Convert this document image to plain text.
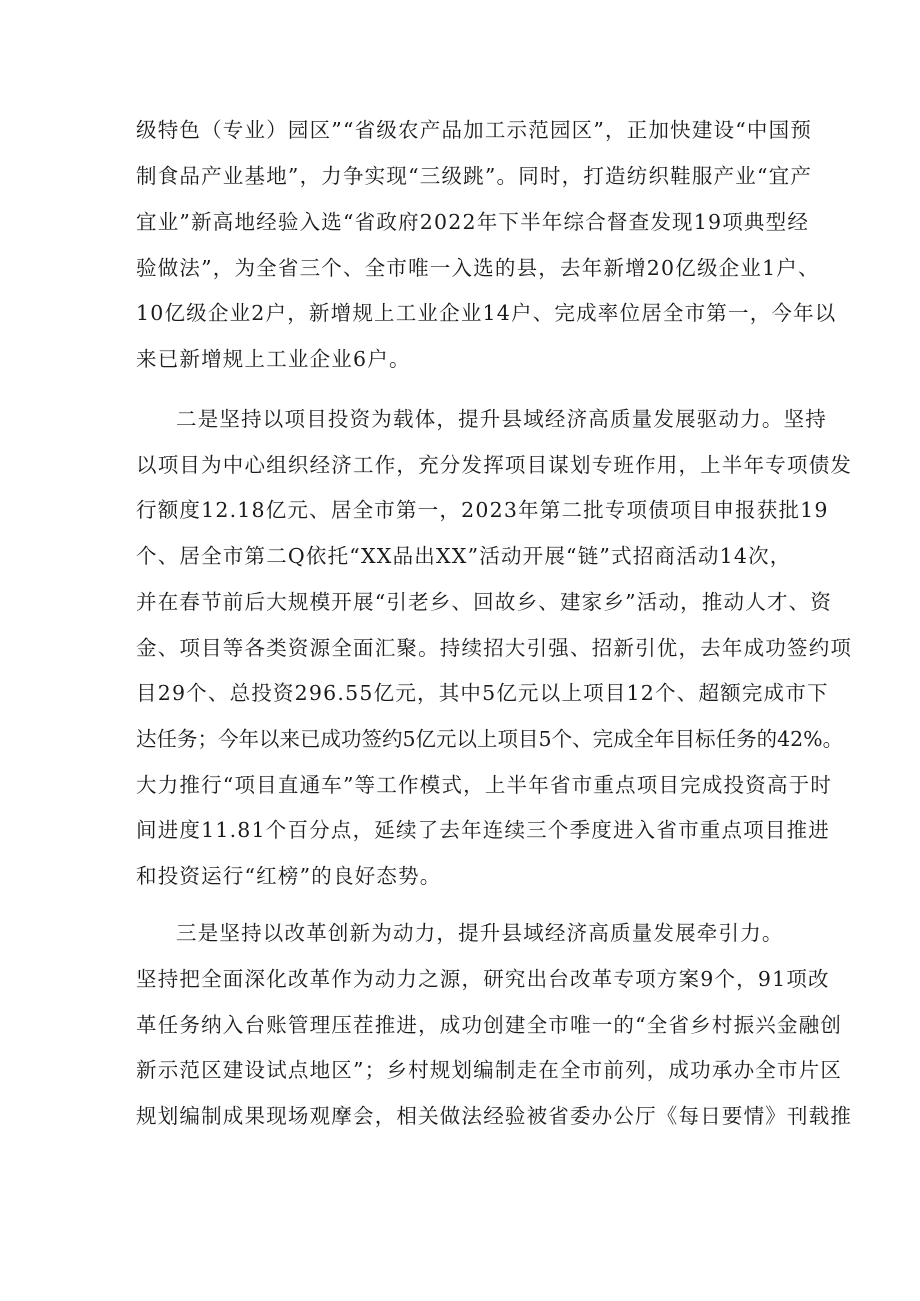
级特色（专业）园区”“省级农产品加工示范园区”，正加快建设“中国预
制食品产业基地”，力争实现“三级跳”。同时，打造纺织鞋服产业“宜产
宜业”新高地经验入选“省政府2022年下半年综合督查发现19项典型经
验做法”，为全省三个、全市唯一入选的县，去年新增20亿级企业1户、
10亿级企业2户，新增规上工业企业14户、完成率位居全市第一，今年以
来已新增规上工业企业6户。
二是坚持以项目投资为载体，提升县域经济高质量发展驱动力。坚持
以项目为中心组织经济工作，充分发挥项目谋划专班作用，上半年专项债发
行额度12.18亿元、居全市第一，2023年第二批专项债项目申报获批19
个、居全市第二Q依托“XX品出XX”活动开展“链”式招商活动14次，
并在春节前后大规模开展“引老乡、回故乡、建家乡”活动，推动人才、资
金、项目等各类资源全面汇聚。持续招大引强、招新引优，去年成功签约项
目29个、总投资296.55亿元，其中5亿元以上项目12个、超额完成市下
达任务；今年以来已成功签约5亿元以上项目5个、完成全年目标任务的42%。
大力推行“项目直通车”等工作模式，上半年省市重点项目完成投资高于时
间进度11.81个百分点，延续了去年连续三个季度进入省市重点项目推进
和投资运行“红榜”的良好态势。
三是坚持以改革创新为动力，提升县域经济高质量发展牵引力。
坚持把全面深化改革作为动力之源，研究出台改革专项方案9个，91项改
革任务纳入台账管理压茬推进，成功创建全市唯一的“全省乡村振兴金融创
新示范区建设试点地区”；乡村规划编制走在全市前列，成功承办全市片区
规划编制成果现场观摩会，相关做法经验被省委办公厅《每日要情》刊载推
